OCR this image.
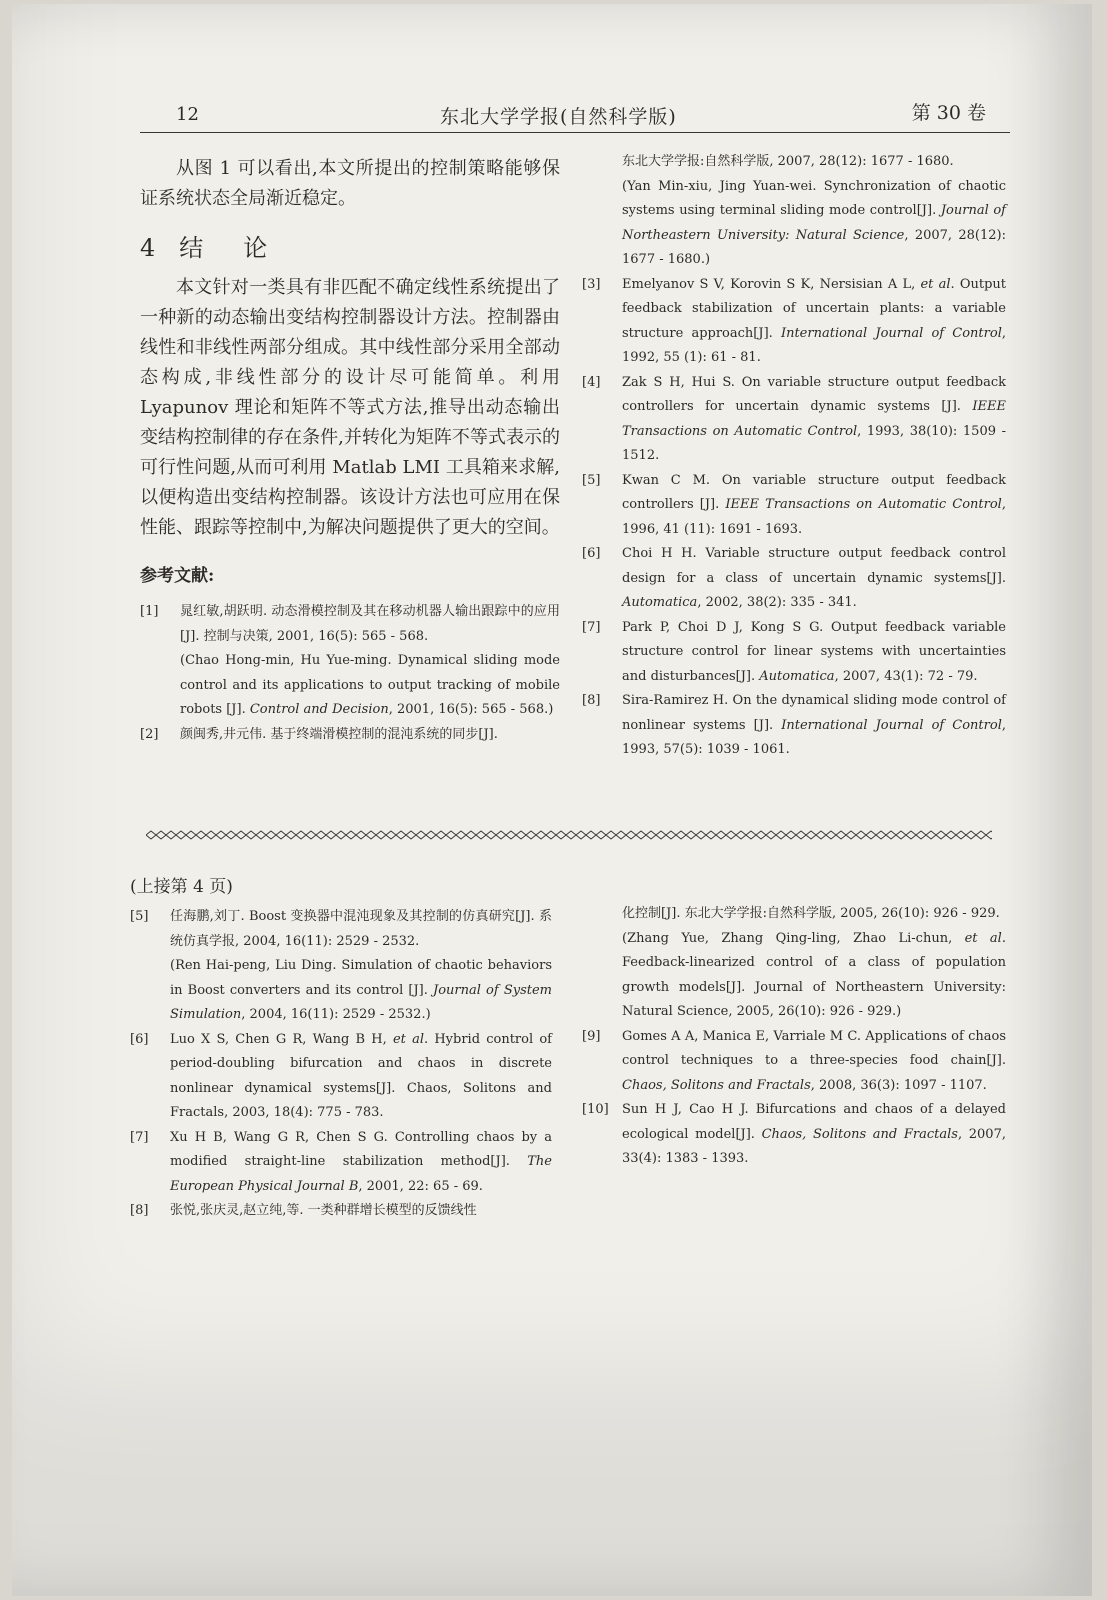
12	东北大学学报(自然科学版)	第 30 卷

从图 1 可以看出,本文所提出的控制策略能够保证系统状态全局渐近稳定。

4 结 论

本文针对一类具有非匹配不确定线性系统提出了一种新的动态输出变结构控制器设计方法。控制器由线性和非线性两部分组成。其中线性部分采用全部动态构成,非线性部分的设计尽可能简单。利用 Lyapunov 理论和矩阵不等式方法,推导出动态输出变结构控制律的存在条件,并转化为矩阵不等式表示的可行性问题,从而可利用 Matlab LMI 工具箱来求解,以便构造出变结构控制器。该设计方法也可应用在保性能、跟踪等控制中,为解决问题提供了更大的空间。

参考文献:

[1] 晁红敏,胡跃明. 动态滑模控制及其在移动机器人输出跟踪中的应用[J]. 控制与决策, 2001, 16(5): 565 - 568.
(Chao Hong-min, Hu Yue-ming. Dynamical sliding mode control and its applications to output tracking of mobile robots [J]. Control and Decision, 2001, 16(5): 565 - 568.)

[2] 颜闽秀,井元伟. 基于终端滑模控制的混沌系统的同步[J].

东北大学学报:自然科学版, 2007, 28(12): 1677 - 1680.
(Yan Min-xiu, Jing Yuan-wei. Synchronization of chaotic systems using terminal sliding mode control[J]. Journal of Northeastern University: Natural Science, 2007, 28(12): 1677 - 1680.)

[3] Emelyanov S V, Korovin S K, Nersisian A L, et al. Output feedback stabilization of uncertain plants: a variable structure approach[J]. International Journal of Control, 1992, 55 (1): 61 - 81.

[4] Zak S H, Hui S. On variable structure output feedback controllers for uncertain dynamic systems [J]. IEEE Transactions on Automatic Control, 1993, 38(10): 1509 - 1512.

[5] Kwan C M. On variable structure output feedback controllers [J]. IEEE Transactions on Automatic Control, 1996, 41 (11): 1691 - 1693.

[6] Choi H H. Variable structure output feedback control design for a class of uncertain dynamic systems[J]. Automatica, 2002, 38(2): 335 - 341.

[7] Park P, Choi D J, Kong S G. Output feedback variable structure control for linear systems with uncertainties and disturbances[J]. Automatica, 2007, 43(1): 72 - 79.

[8] Sira-Ramirez H. On the dynamical sliding mode control of nonlinear systems [J]. International Journal of Control, 1993, 57(5): 1039 - 1061.

(上接第 4 页)

[5] 任海鹏,刘丁. Boost 变换器中混沌现象及其控制的仿真研究[J]. 系统仿真学报, 2004, 16(11): 2529 - 2532.
(Ren Hai-peng, Liu Ding. Simulation of chaotic behaviors in Boost converters and its control [J]. Journal of System Simulation, 2004, 16(11): 2529 - 2532.)

[6] Luo X S, Chen G R, Wang B H, et al. Hybrid control of period-doubling bifurcation and chaos in discrete nonlinear dynamical systems[J]. Chaos, Solitons and Fractals, 2003, 18(4): 775 - 783.

[7] Xu H B, Wang G R, Chen S G. Controlling chaos by a modified straight-line stabilization method[J]. The European Physical Journal B, 2001, 22: 65 - 69.

[8] 张悦,张庆灵,赵立纯,等. 一类种群增长模型的反馈线性

化控制[J]. 东北大学学报:自然科学版, 2005, 26(10): 926 - 929.
(Zhang Yue, Zhang Qing-ling, Zhao Li-chun, et al. Feedback-linearized control of a class of population growth models[J]. Journal of Northeastern University: Natural Science, 2005, 26(10): 926 - 929.)

[9] Gomes A A, Manica E, Varriale M C. Applications of chaos control techniques to a three-species food chain[J]. Chaos, Solitons and Fractals, 2008, 36(3): 1097 - 1107.

[10] Sun H J, Cao H J. Bifurcations and chaos of a delayed ecological model[J]. Chaos, Solitons and Fractals, 2007, 33(4): 1383 - 1393.
